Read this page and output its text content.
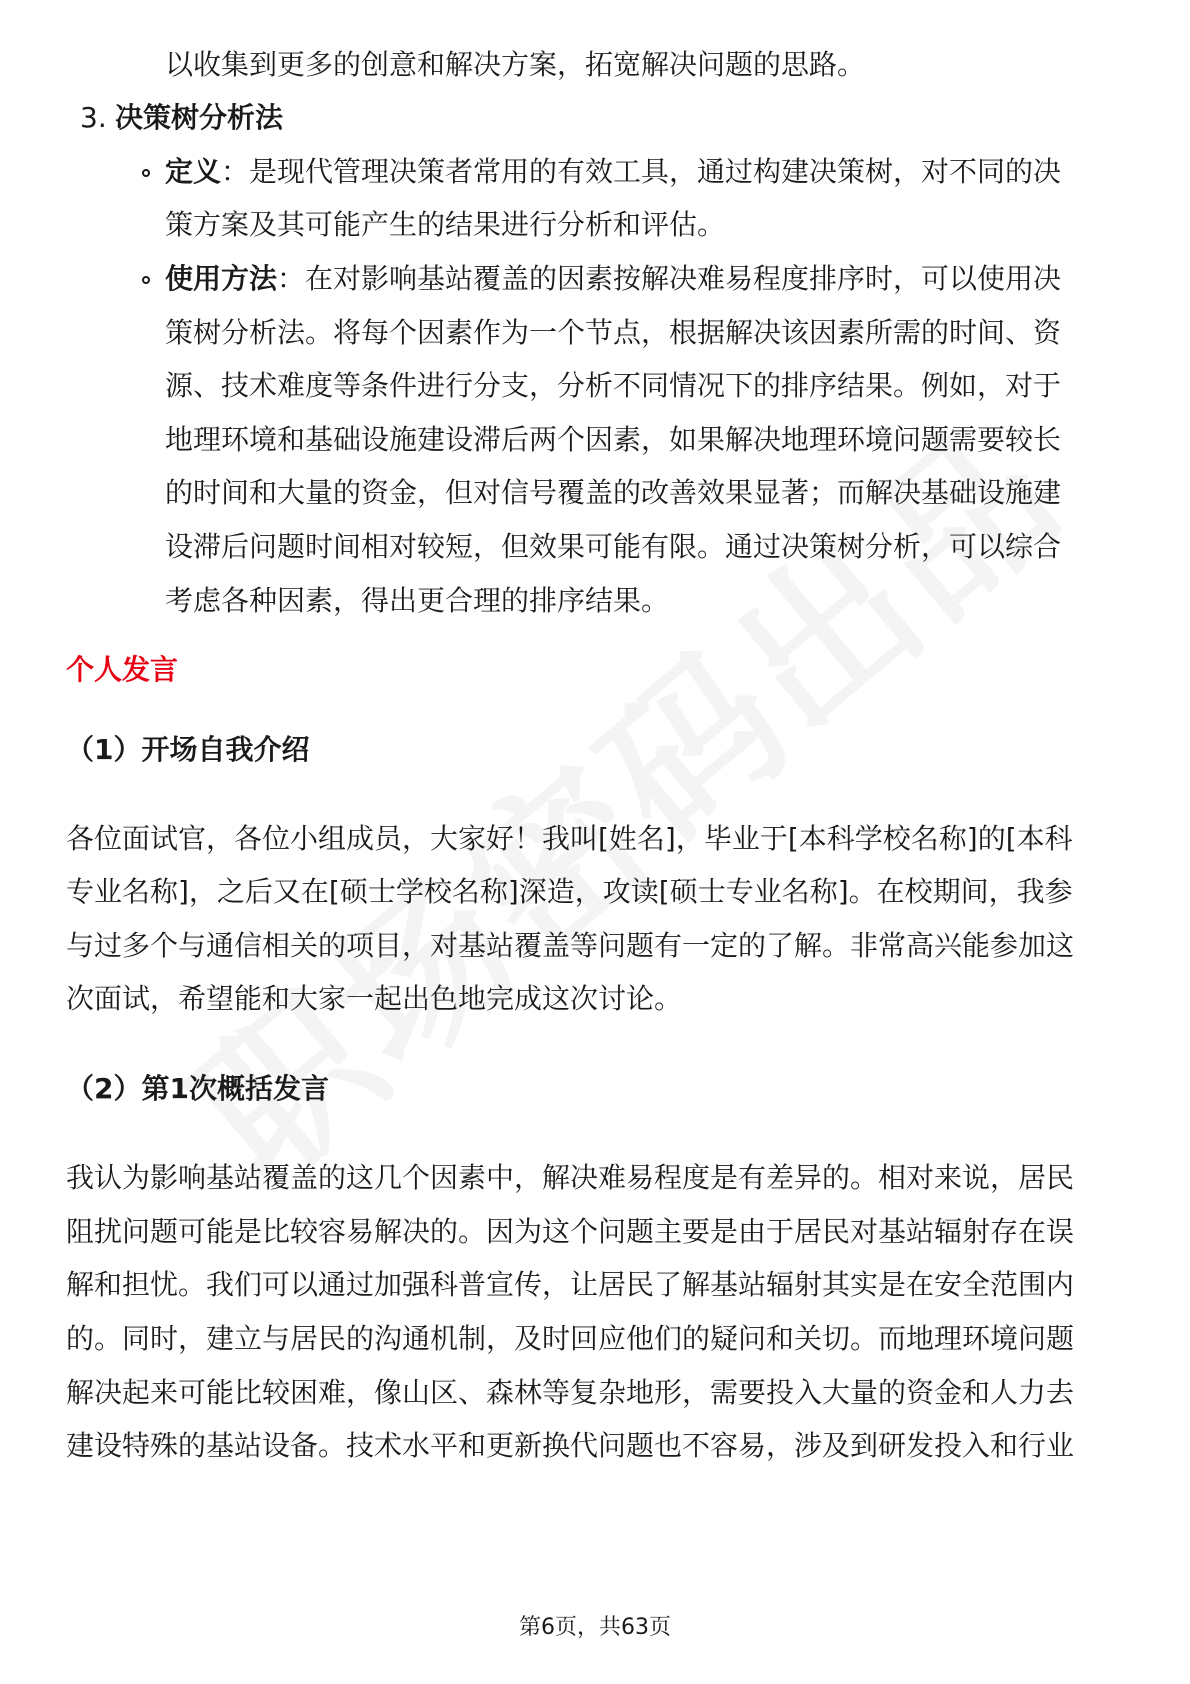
以收集到更多的创意和解决方案，拓宽解决问题的思路。
3. 决策树分析法
定义：是现代管理决策者常用的有效工具，通过构建决策树，对不同的决
策方案及其可能产生的结果进行分析和评估。
使用方法：在对影响基站覆盖的因素按解决难易程度排序时，可以使用决
策树分析法。将每个因素作为一个节点，根据解决该因素所需的时间、资
源、技术难度等条件进行分支，分析不同情况下的排序结果。例如，对于
地理环境和基础设施建设滞后两个因素，如果解决地理环境问题需要较长
的时间和大量的资金，但对信号覆盖的改善效果显著；而解决基础设施建
设滞后问题时间相对较短，但效果可能有限。通过决策树分析，可以综合
考虑各种因素，得出更合理的排序结果。
个人发言
（1）开场自我介绍
各位面试官，各位小组成员，大家好！我叫[姓名]，毕业于[本科学校名称]的[本科
专业名称]，之后又在[硕士学校名称]深造，攻读[硕士专业名称]。在校期间，我参
与过多个与通信相关的项目，对基站覆盖等问题有一定的了解。非常高兴能参加这
次面试，希望能和大家一起出色地完成这次讨论。
（2）第1次概括发言
我认为影响基站覆盖的这几个因素中，解决难易程度是有差异的。相对来说，居民
阻扰问题可能是比较容易解决的。因为这个问题主要是由于居民对基站辐射存在误
解和担忧。我们可以通过加强科普宣传，让居民了解基站辐射其实是在安全范围内
的。同时，建立与居民的沟通机制，及时回应他们的疑问和关切。而地理环境问题
解决起来可能比较困难，像山区、森林等复杂地形，需要投入大量的资金和人力去
建设特殊的基站设备。技术水平和更新换代问题也不容易，涉及到研发投入和行业
第6页，共63页
